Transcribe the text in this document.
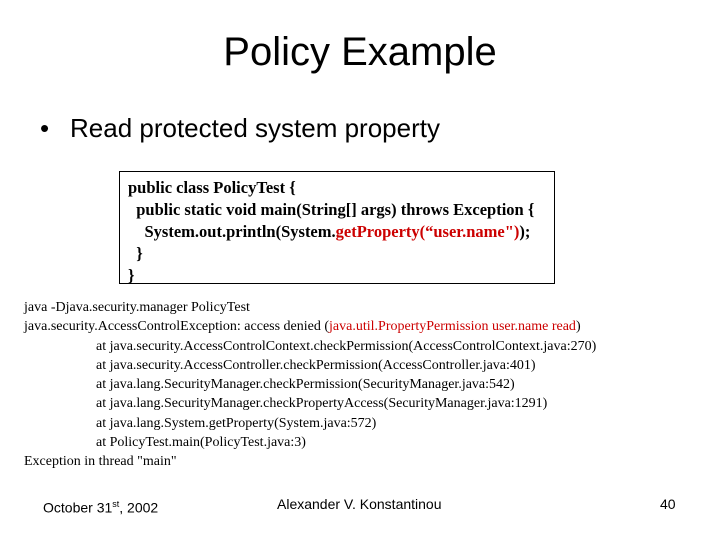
Policy Example
• Read protected system property
public class PolicyTest {
public static void main(String[] args) throws Exception {
System.out.println(System.getProperty(“user.name"));
}
}
java -Djava.security.manager PolicyTest
java.security.AccessControlException: access denied (java.util.PropertyPermission user.name read)
at java.security.AccessControlContext.checkPermission(AccessControlContext.java:270)
at java.security.AccessController.checkPermission(AccessController.java:401)
at java.lang.SecurityManager.checkPermission(SecurityManager.java:542)
at java.lang.SecurityManager.checkPropertyAccess(SecurityManager.java:1291)
at java.lang.System.getProperty(System.java:572)
at PolicyTest.main(PolicyTest.java:3)
Exception in thread "main"
October 31st, 2002	Alexander V. Konstantinou	40
